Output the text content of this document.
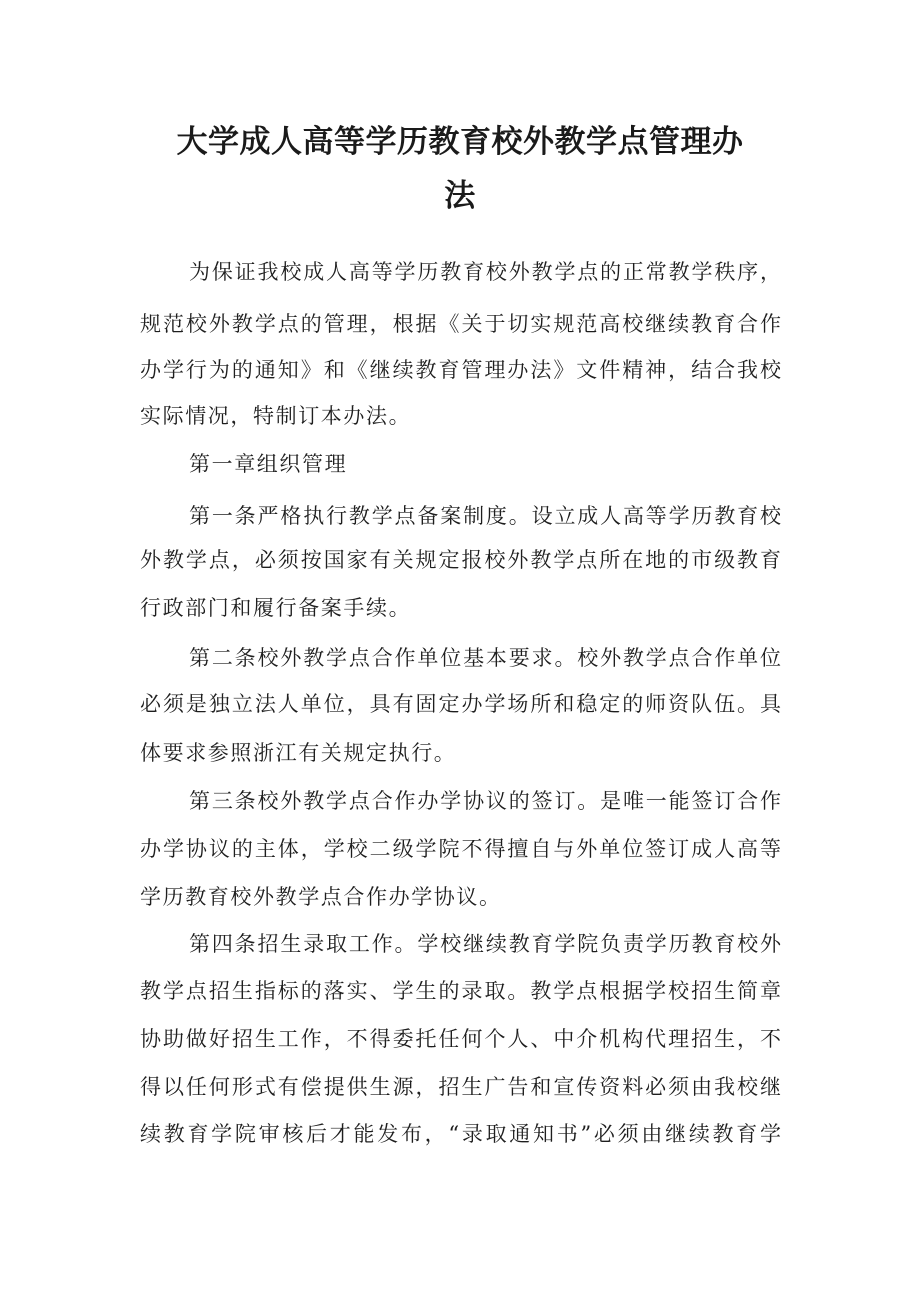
大学成人高等学历教育校外教学点管理办
法
为保证我校成人高等学历教育校外教学点的正常教学秩序，
规范校外教学点的管理，根据《关于切实规范高校继续教育合作
办学行为的通知》和《继续教育管理办法》文件精神，结合我校
实际情况，特制订本办法。
第一章组织管理
第一条严格执行教学点备案制度。设立成人高等学历教育校
外教学点，必须按国家有关规定报校外教学点所在地的市级教育
行政部门和履行备案手续。
第二条校外教学点合作单位基本要求。校外教学点合作单位
必须是独立法人单位，具有固定办学场所和稳定的师资队伍。具
体要求参照浙江有关规定执行。
第三条校外教学点合作办学协议的签订。是唯一能签订合作
办学协议的主体，学校二级学院不得擅自与外单位签订成人高等
学历教育校外教学点合作办学协议。
第四条招生录取工作。学校继续教育学院负责学历教育校外
教学点招生指标的落实、学生的录取。教学点根据学校招生简章
协助做好招生工作，不得委托任何个人、中介机构代理招生，不
得以任何形式有偿提供生源，招生广告和宣传资料必须由我校继
续教育学院审核后才能发布，“录取通知书”必须由继续教育学
